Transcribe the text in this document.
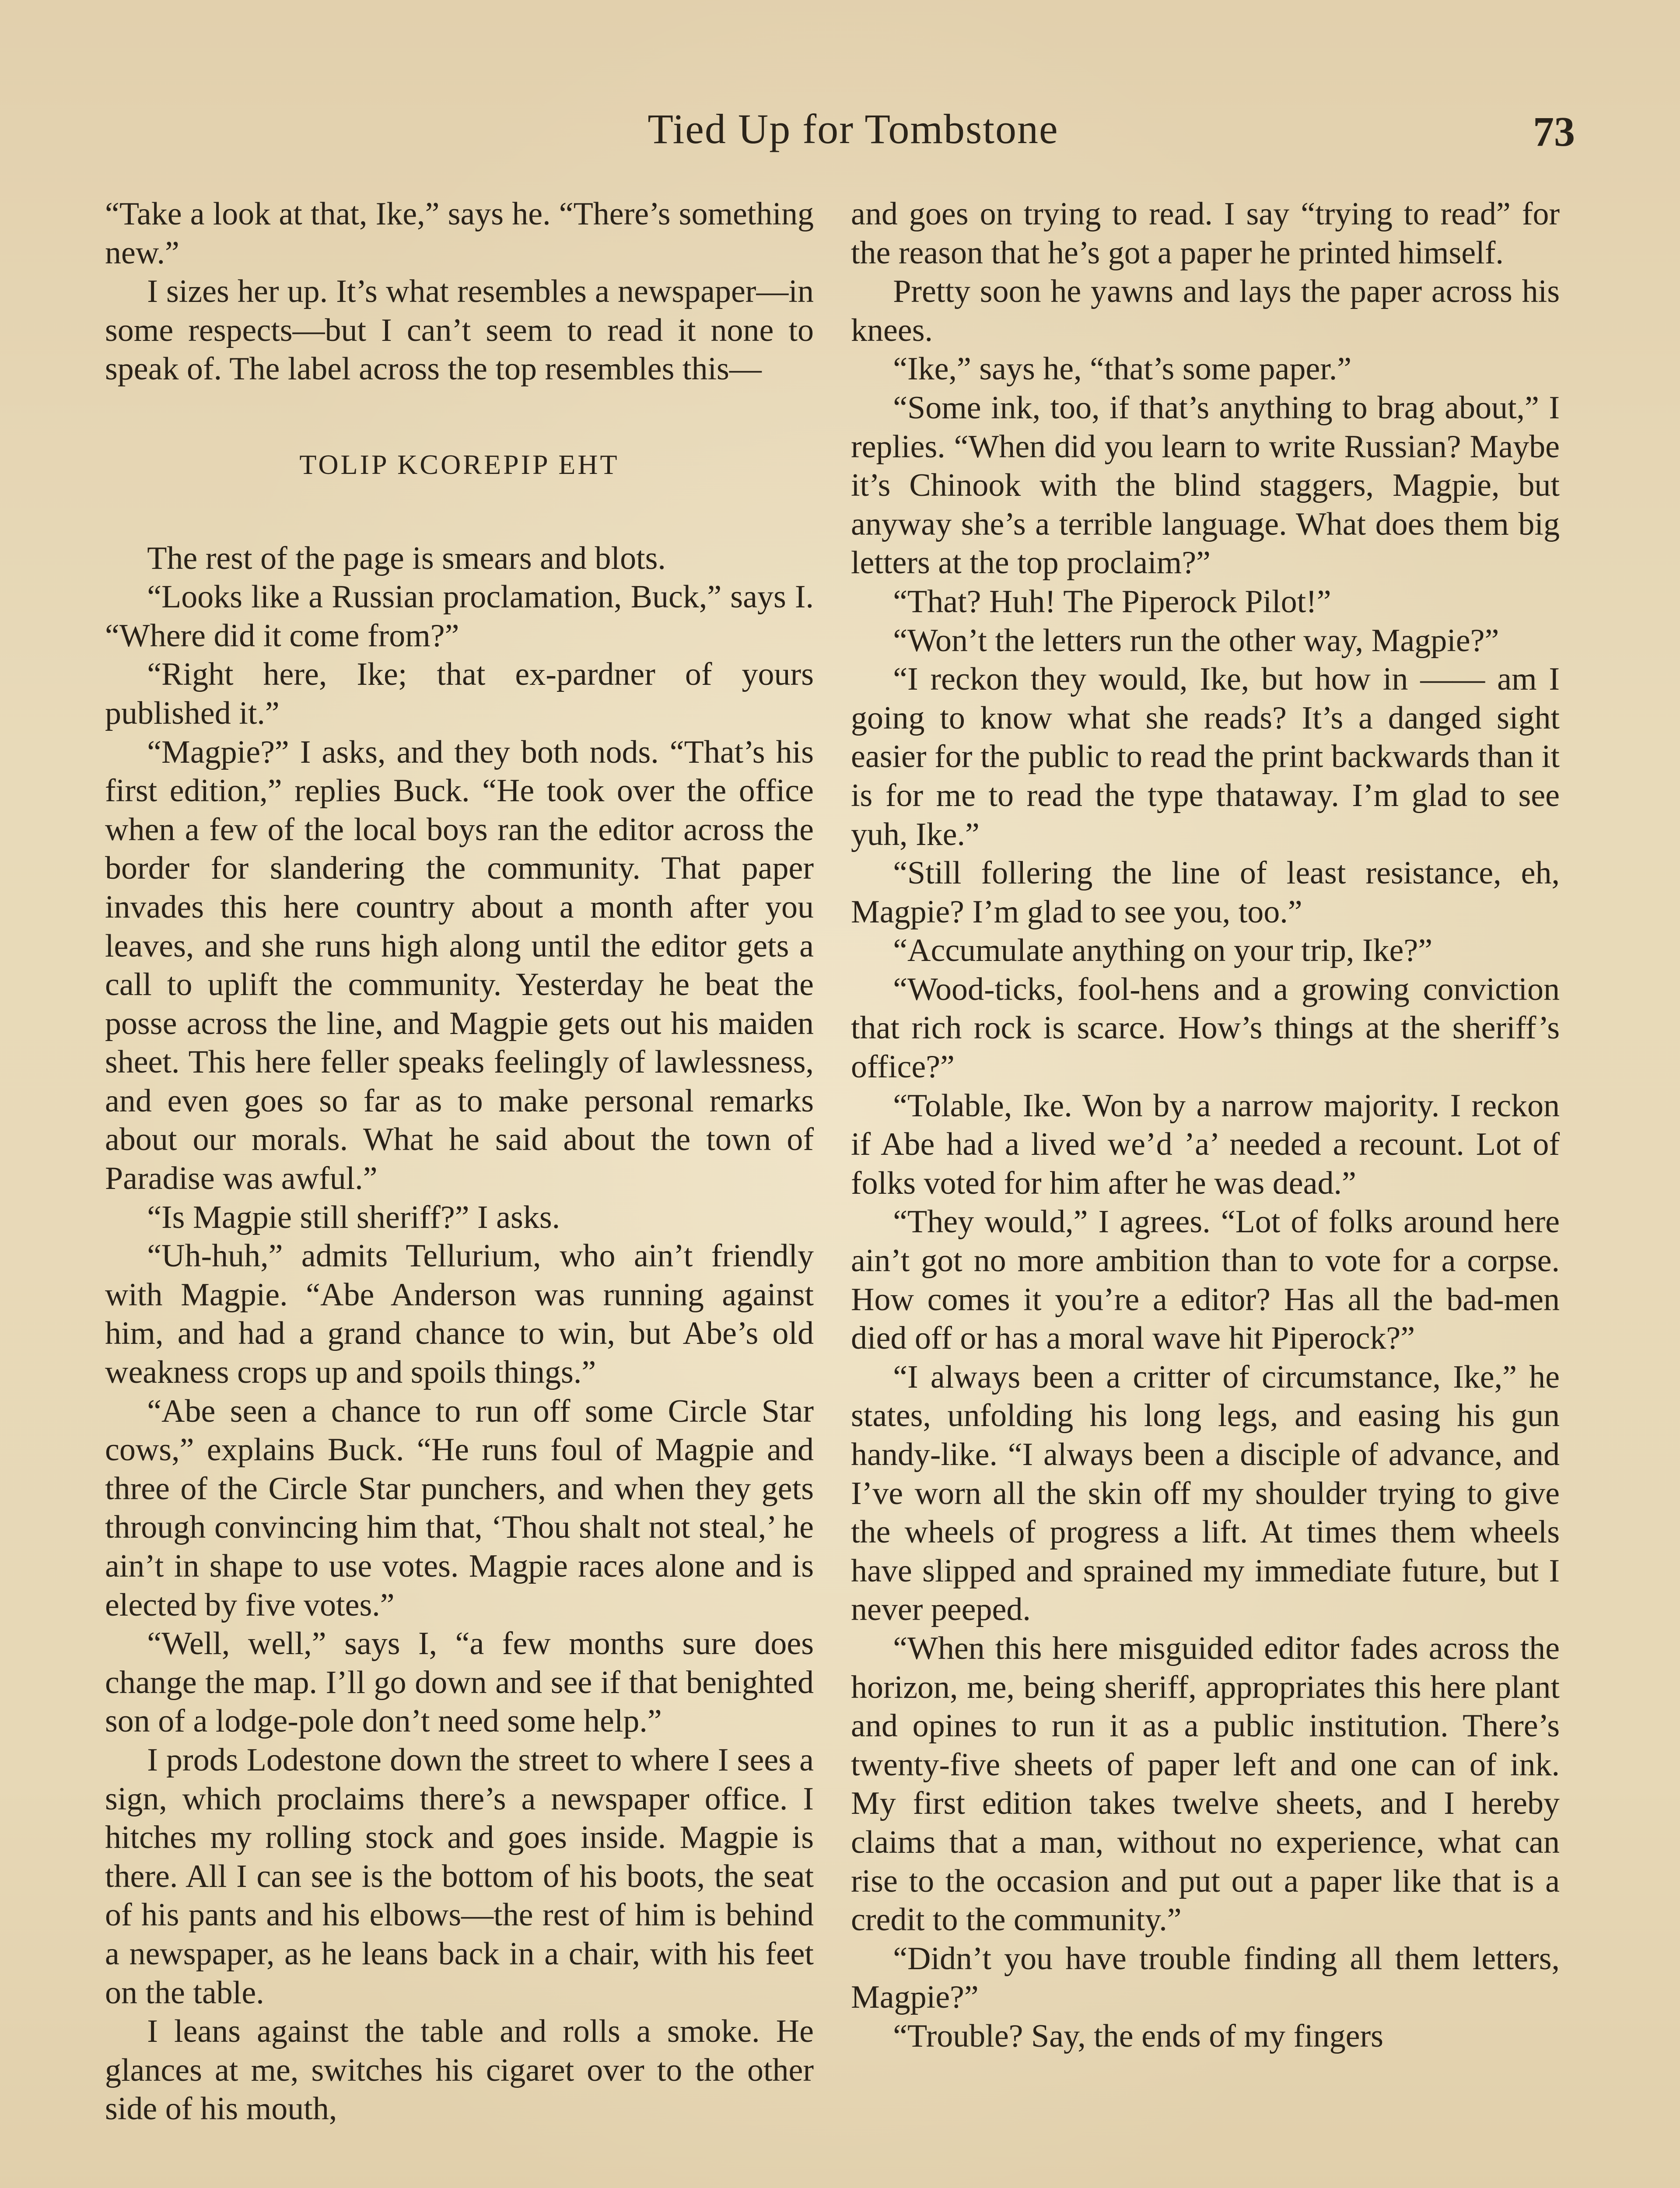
Tied Up for Tombstone	73

“Take a look at that, Ike,” says he. “There’s something new.”

I sizes her up. It’s what resembles a newspaper—in some respects—but I can’t seem to read it none to speak of. The label across the top resembles this—

TOLIP KCOREPIP EHT

The rest of the page is smears and blots.

“Looks like a Russian proclamation, Buck,” says I. “Where did it come from?”

“Right here, Ike; that ex-pardner of yours published it.”

“Magpie?” I asks, and they both nods. “That’s his first edition,” replies Buck. “He took over the office when a few of the local boys ran the editor across the border for slandering the community. That paper invades this here country about a month after you leaves, and she runs high along until the editor gets a call to uplift the community. Yesterday he beat the posse across the line, and Magpie gets out his maiden sheet. This here feller speaks feelingly of lawlessness, and even goes so far as to make personal remarks about our morals. What he said about the town of Paradise was awful.”

“Is Magpie still sheriff?” I asks.

“Uh-huh,” admits Tellurium, who ain’t friendly with Magpie. “Abe Anderson was running against him, and had a grand chance to win, but Abe’s old weakness crops up and spoils things.”

“Abe seen a chance to run off some Circle Star cows,” explains Buck. “He runs foul of Magpie and three of the Circle Star punchers, and when they gets through convincing him that, ‘Thou shalt not steal,’ he ain’t in shape to use votes. Magpie races alone and is elected by five votes.”

“Well, well,” says I, “a few months sure does change the map. I’ll go down and see if that benighted son of a lodge-pole don’t need some help.”

I prods Lodestone down the street to where I sees a sign, which proclaims there’s a newspaper office. I hitches my rolling stock and goes inside. Magpie is there. All I can see is the bottom of his boots, the seat of his pants and his elbows—the rest of him is behind a newspaper, as he leans back in a chair, with his feet on the table.

I leans against the table and rolls a smoke. He glances at me, switches his cigaret over to the other side of his mouth,

and goes on trying to read. I say “trying to read” for the reason that he’s got a paper he printed himself.

Pretty soon he yawns and lays the paper across his knees.

“Ike,” says he, “that’s some paper.”

“Some ink, too, if that’s anything to brag about,” I replies. “When did you learn to write Russian? Maybe it’s Chinook with the blind staggers, Magpie, but anyway she’s a terrible language. What does them big letters at the top proclaim?”

“That? Huh! The Piperock Pilot!”

“Won’t the letters run the other way, Magpie?”

“I reckon they would, Ike, but how in —— am I going to know what she reads? It’s a danged sight easier for the public to read the print backwards than it is for me to read the type thataway. I’m glad to see yuh, Ike.”

“Still follering the line of least resistance, eh, Magpie? I’m glad to see you, too.”

“Accumulate anything on your trip, Ike?”

“Wood-ticks, fool-hens and a growing conviction that rich rock is scarce. How’s things at the sheriff’s office?”

“Tolable, Ike. Won by a narrow majority. I reckon if Abe had a lived we’d ’a’ needed a recount. Lot of folks voted for him after he was dead.”

“They would,” I agrees. “Lot of folks around here ain’t got no more ambition than to vote for a corpse. How comes it you’re a editor? Has all the bad-men died off or has a moral wave hit Piperock?”

“I always been a critter of circumstance, Ike,” he states, unfolding his long legs, and easing his gun handy-like. “I always been a disciple of advance, and I’ve worn all the skin off my shoulder trying to give the wheels of progress a lift. At times them wheels have slipped and sprained my immediate future, but I never peeped.

“When this here misguided editor fades across the horizon, me, being sheriff, appropriates this here plant and opines to run it as a public institution. There’s twenty-five sheets of paper left and one can of ink. My first edition takes twelve sheets, and I hereby claims that a man, without no experience, what can rise to the occasion and put out a paper like that is a credit to the community.”

“Didn’t you have trouble finding all them letters, Magpie?”

“Trouble? Say, the ends of my fingers
